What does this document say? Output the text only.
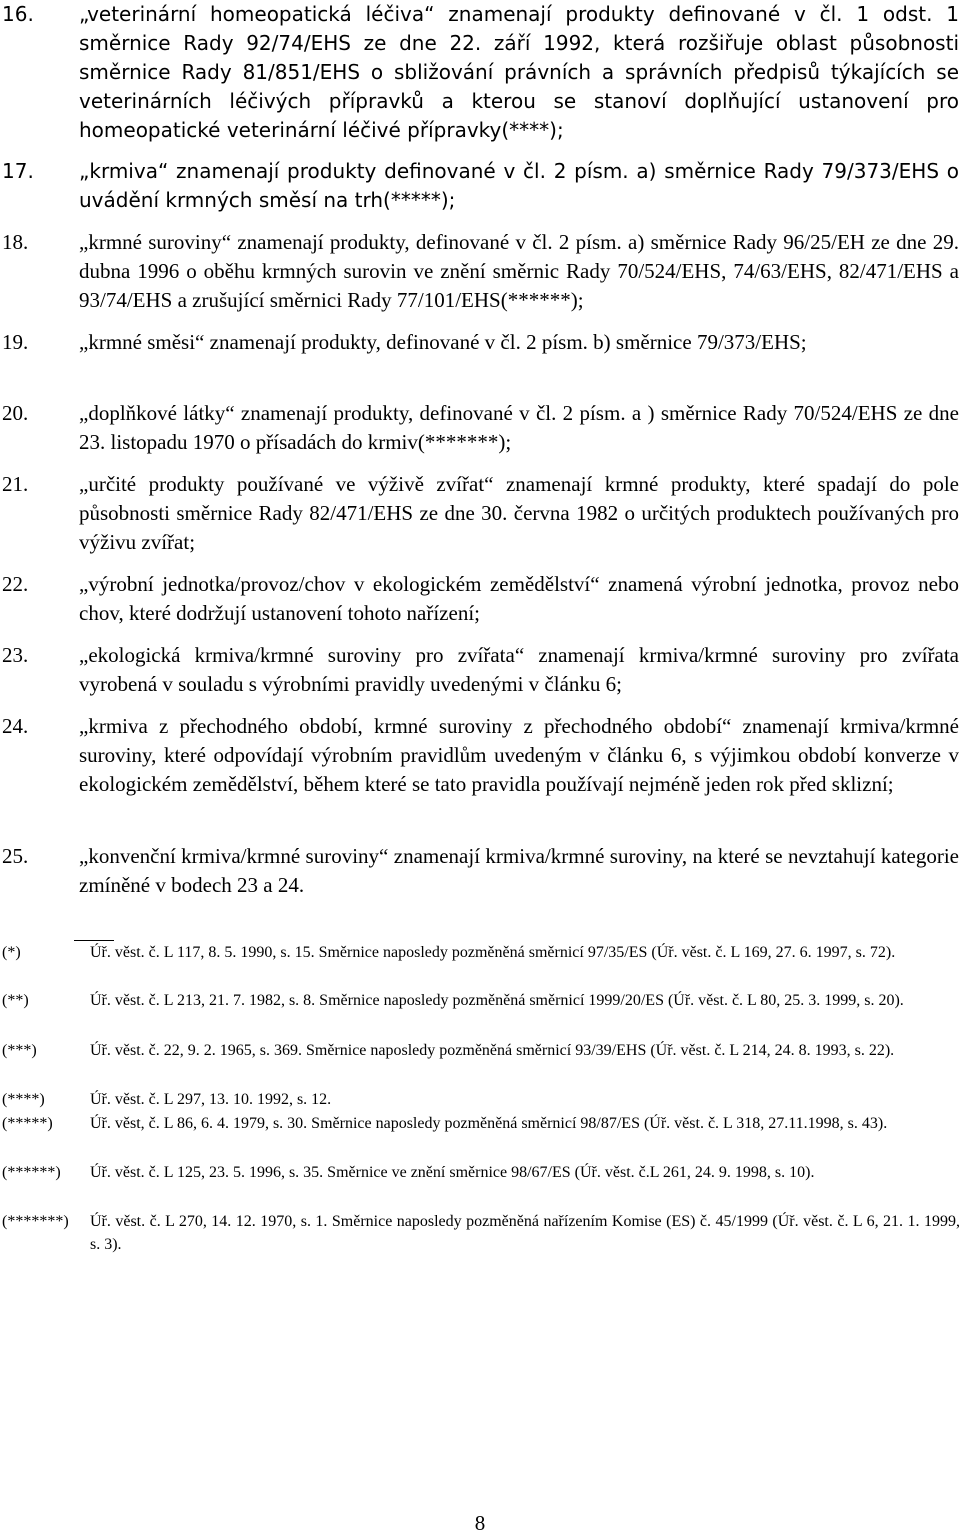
16. „veterinární homeopatická léčiva“ znamenají produkty definované v čl. 1 odst. 1 směrnice Rady 92/74/EHS ze dne 22. září 1992, která rozšiřuje oblast působnosti směrnice Rady 81/851/EHS o sbližování právních a správních předpisů týkajících se veterinárních léčivých přípravků a kterou se stanoví doplňující ustanovení pro homeopatické veterinární léčivé přípravky(****);
17. „krmiva“ znamenají produkty definované v čl. 2 písm. a) směrnice Rady 79/373/EHS o uvádění krmných směsí na trh(*****);
18. „krmné suroviny“ znamenají produkty, definované v čl. 2 písm. a) směrnice Rady 96/25/EH ze dne 29. dubna 1996 o oběhu krmných surovin ve znění směrnic Rady 70/524/EHS, 74/63/EHS, 82/471/EHS a 93/74/EHS a zrušující směrnici Rady 77/101/EHS(******);
19. „krmné směsi“ znamenají produkty, definované v čl. 2 písm. b) směrnice 79/373/EHS;
20. „doplňkové látky“ znamenají produkty, definované v čl. 2 písm. a ) směrnice Rady 70/524/EHS ze dne 23. listopadu 1970 o přísadách do krmiv(*******);
21. „určité produkty používané ve výživě zvířat“ znamenají krmné produkty, které spadají do pole působnosti směrnice Rady 82/471/EHS ze dne 30. června 1982 o určitých produktech používaných pro výživu zvířat;
22. „výrobní jednotka/provoz/chov v ekologickém zemědělství“ znamená výrobní jednotka, provoz nebo chov, které dodržují ustanovení tohoto nařízení;
23. „ekologická krmiva/krmné suroviny pro zvířata“ znamenají krmiva/krmné suroviny pro zvířata vyrobená v souladu s výrobními pravidly uvedenými v článku 6;
24. „krmiva z přechodného období, krmné suroviny z přechodného období“ znamenají krmiva/krmné suroviny, které odpovídají výrobním pravidlům uvedeným v článku 6, s výjimkou období konverze v ekologickém zemědělství, během které se tato pravidla používají nejméně jeden rok před sklizní;
25. „konvenční krmiva/krmné suroviny“ znamenají krmiva/krmné suroviny, na které se nevztahují kategorie zmíněné v bodech 23 a 24.
(*)	Úř. věst. č. L 117, 8. 5. 1990, s. 15. Směrnice naposledy pozměněná směrnicí 97/35/ES (Úř. věst. č. L 169, 27. 6. 1997, s. 72).
(**)	Úř. věst. č. L 213, 21. 7. 1982, s. 8. Směrnice naposledy pozměněná směrnicí 1999/20/ES (Úř. věst. č. L 80, 25. 3. 1999, s. 20).
(***)	Úř. věst. č. 22, 9. 2. 1965, s. 369. Směrnice naposledy pozměněná směrnicí 93/39/EHS (Úř. věst. č. L 214, 24. 8. 1993, s. 22).
(****)	Úř. věst. č. L 297, 13. 10. 1992, s. 12.
(*****) Úř. věst, č. L 86, 6. 4. 1979, s. 30. Směrnice naposledy pozměněná směrnicí 98/87/ES (Úř. věst. č. L 318, 27.11.1998, s. 43).
(******) Úř. věst. č. L 125, 23. 5. 1996, s. 35. Směrnice ve znění směrnice 98/67/ES (Úř. věst. č.L 261, 24. 9. 1998, s. 10).
(*******) Úř. věst. č. L 270, 14. 12. 1970, s. 1. Směrnice naposledy pozměněná nařízením Komise (ES) č. 45/1999 (Úř. věst. č. L 6, 21. 1. 1999, s. 3).
8
